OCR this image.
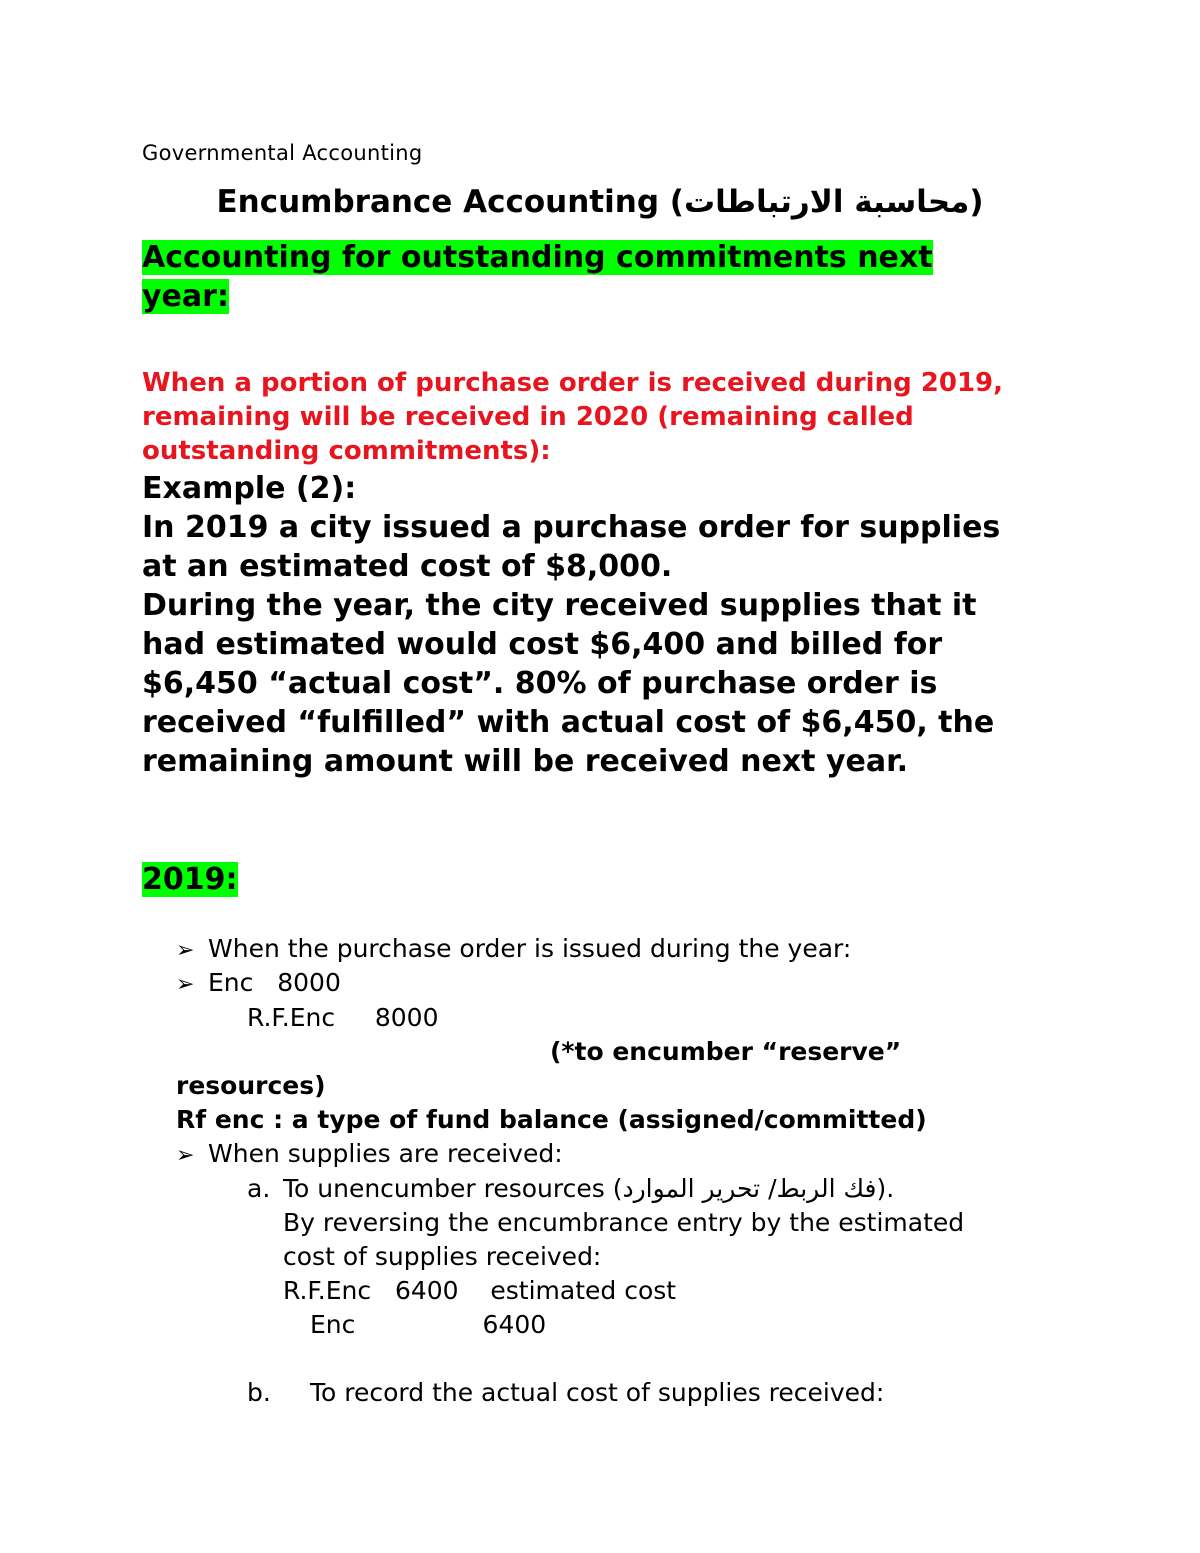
Governmental Accounting
Encumbrance Accounting (محاسبة الارتباطات)
Accounting for outstanding commitments next
year:
When a portion of purchase order is received during 2019,
remaining will be received in 2020 (remaining called
outstanding commitments):
Example (2):
In 2019 a city issued a purchase order for supplies
at an estimated cost of $8,000.
During the year, the city received supplies that it
had estimated would cost $6,400 and billed for
$6,450 “actual cost”. 80% of purchase order is
received “fulfilled” with actual cost of $6,450, the
remaining amount will be received next year.
2019:
➢ When the purchase order is issued during the year:
➢ Enc   8000
R.F.Enc     8000
(*to encumber “reserve”
resources)
Rf enc : a type of fund balance (assigned/committed)
➢ When supplies are received:
a. To unencumber resources (فك الربط/ تحرير الموارد).
By reversing the encumbrance entry by the estimated
cost of supplies received:
R.F.Enc   6400    estimated cost
Enc                6400
b. To record the actual cost of supplies received:
